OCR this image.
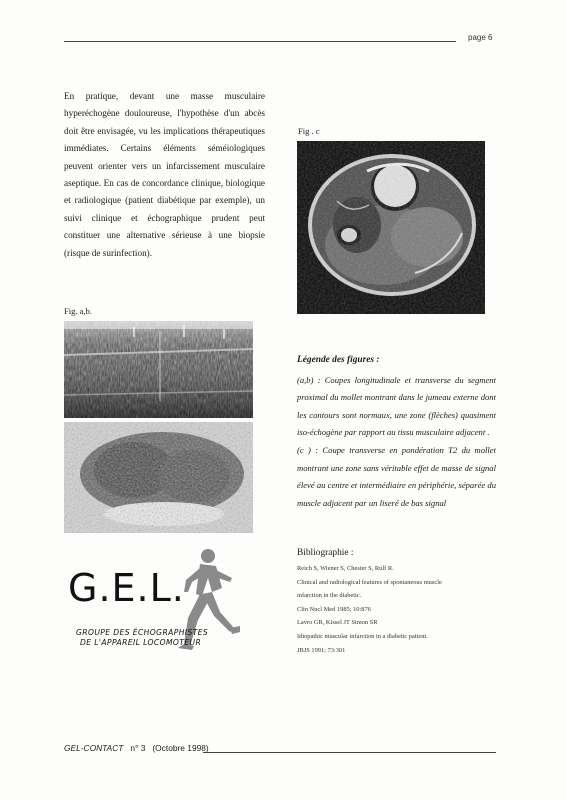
page 6
En pratique, devant une masse musculaire hyperéchogène douloureuse, l'hypothèse d'un abcès doit être envisagée, vu les implications thérapeutiques immédiates. Certains éléments séméiologiques peuvent orienter vers un infarcissement musculaire aseptique. En cas de concordance clinique, biologique et radiologique (patient diabétique par exemple), un suivi clinique et échographique prudent peut constituer une alternative sérieuse à une biopsie (risque de surinfection).
Fig . c
Fig. a,b.

Légende des figures :

(a,b) : Coupes longitudinale et transverse du segment proximal du mollet montrant dans le jumeau externe dont les contours sont normaux, une zone (flèches) quasiment iso-échogène par rapport au tissu musculaire adjacent .

(c ) : Coupe transverse en pondération T2 du mollet montrant une zone sans véritable effet de masse de signal élevé au centre et intermédiaire en périphérie, séparée du muscle adjacent par un liseré de bas signal

Bibliographie :
Reich S, Wiener S, Chester S, Rulf R.
Clinical and radiological features of spontaneous muscle
infarction in the diabetic.
Clin Nucl Med 1985; 10:876
Lavro GR, Kissel JT Simon SR
Idiopathic muscular infarction in a diabetic patient.
JBJS 1991; 73:301
G.E.L.
GROUPE DES ÉCHOGRAPHISTES
DE L'APPAREIL LOCOMOTEUR
GEL-CONTACT n° 3 (Octobre 1998)
